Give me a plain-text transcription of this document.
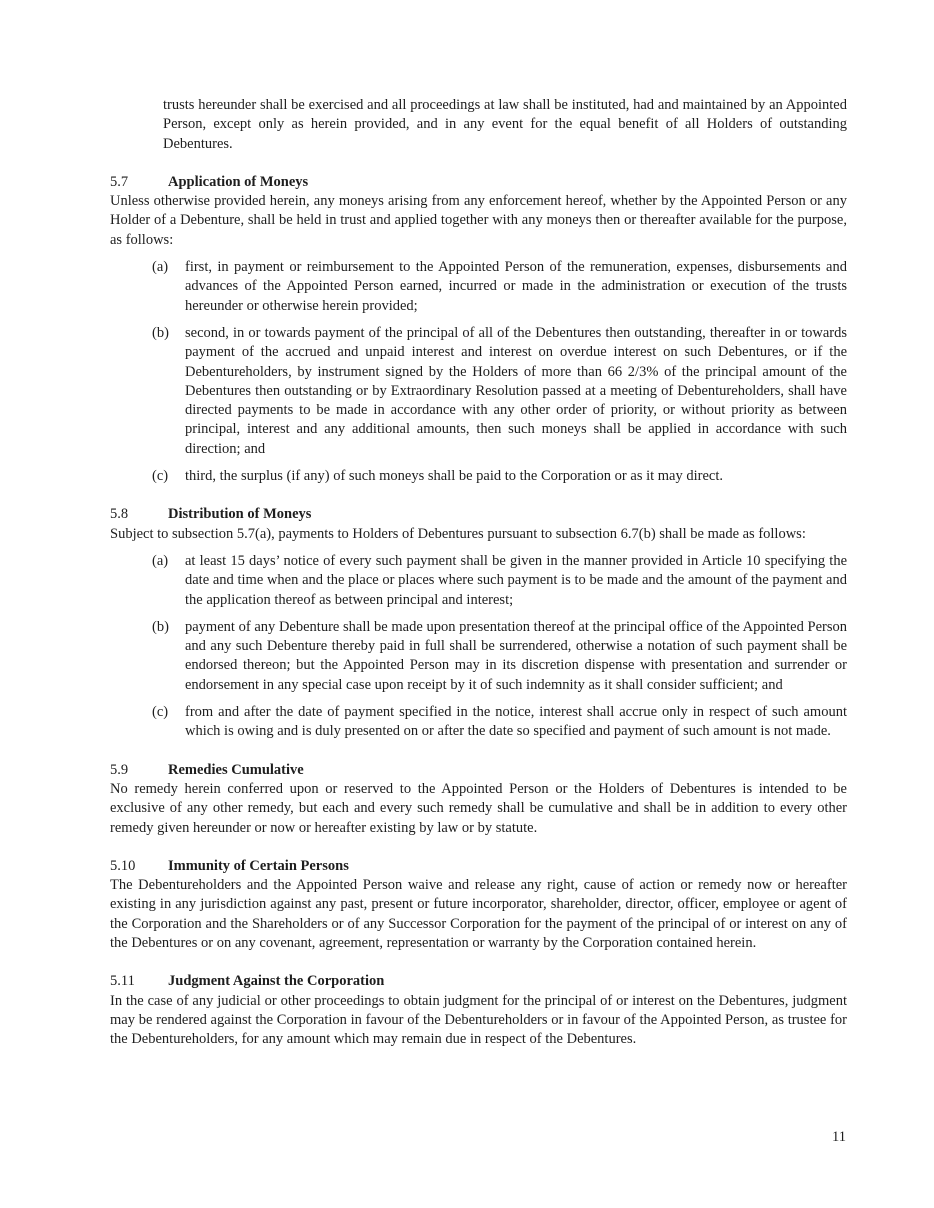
trusts hereunder shall be exercised and all proceedings at law shall be instituted, had and maintained by an Appointed Person, except only as herein provided, and in any event for the equal benefit of all Holders of outstanding Debentures.

5.7	Application of Moneys

Unless otherwise provided herein, any moneys arising from any enforcement hereof, whether by the Appointed Person or any Holder of a Debenture, shall be held in trust and applied together with any moneys then or thereafter available for the purpose, as follows:

(a) first, in payment or reimbursement to the Appointed Person of the remuneration, expenses, disbursements and advances of the Appointed Person earned, incurred or made in the administration or execution of the trusts hereunder or otherwise herein provided;
(b) second, in or towards payment of the principal of all of the Debentures then outstanding, thereafter in or towards payment of the accrued and unpaid interest and interest on overdue interest on such Debentures, or if the Debentureholders, by instrument signed by the Holders of more than 66 2/3% of the principal amount of the Debentures then outstanding or by Extraordinary Resolution passed at a meeting of Debentureholders, shall have directed payments to be made in accordance with any other order of priority, or without priority as between principal, interest and any additional amounts, then such moneys shall be applied in accordance with such direction; and
(c) third, the surplus (if any) of such moneys shall be paid to the Corporation or as it may direct.
5.8	Distribution of Moneys

Subject to subsection 5.7(a), payments to Holders of Debentures pursuant to subsection 6.7(b) shall be made as follows:

(a) at least 15 days’ notice of every such payment shall be given in the manner provided in Article 10 specifying the date and time when and the place or places where such payment is to be made and the amount of the payment and the application thereof as between principal and interest;
(b) payment of any Debenture shall be made upon presentation thereof at the principal office of the Appointed Person and any such Debenture thereby paid in full shall be surrendered, otherwise a notation of such payment shall be endorsed thereon; but the Appointed Person may in its discretion dispense with presentation and surrender or endorsement in any special case upon receipt by it of such indemnity as it shall consider sufficient; and
(c) from and after the date of payment specified in the notice, interest shall accrue only in respect of such amount which is owing and is duly presented on or after the date so specified and payment of such amount is not made.
5.9	Remedies Cumulative

No remedy herein conferred upon or reserved to the Appointed Person or the Holders of Debentures is intended to be exclusive of any other remedy, but each and every such remedy shall be cumulative and shall be in addition to every other remedy given hereunder or now or hereafter existing by law or by statute.

5.10 Immunity of Certain Persons

The Debentureholders and the Appointed Person waive and release any right, cause of action or remedy now or hereafter existing in any jurisdiction against any past, present or future incorporator, shareholder, director, officer, employee or agent of the Corporation and the Shareholders or of any Successor Corporation for the payment of the principal of or interest on any of the Debentures or on any covenant, agreement, representation or warranty by the Corporation contained herein.

5.11 Judgment Against the Corporation

In the case of any judicial or other proceedings to obtain judgment for the principal of or interest on the Debentures, judgment may be rendered against the Corporation in favour of the Debentureholders or in favour of the Appointed Person, as trustee for the Debentureholders, for any amount which may remain due in respect of the Debentures.

11
